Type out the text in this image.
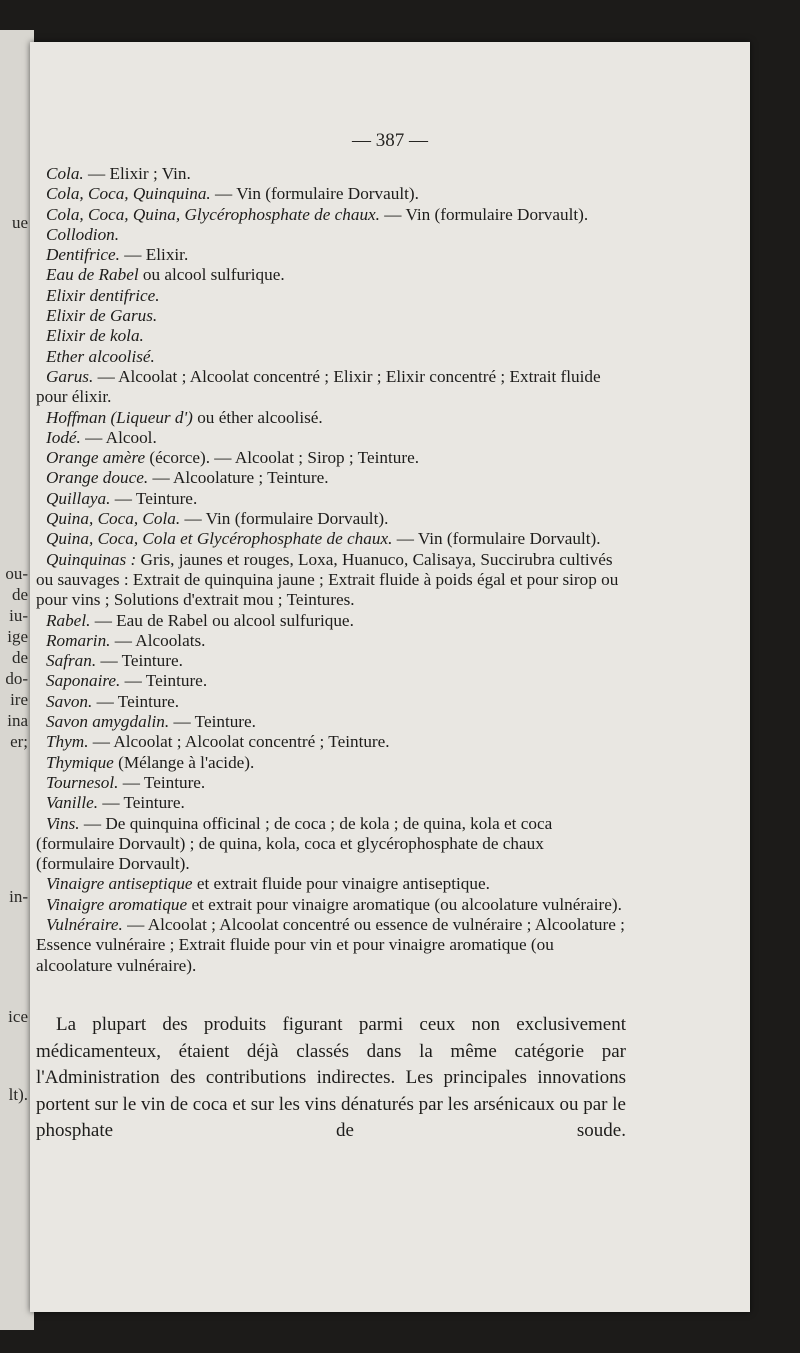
ue
ou-
de
iu-
ige
de
do-
ire
ina
er;
in-
ice
lt).
— 387 —

Cola. — Elixir ; Vin.

Cola, Coca, Quinquina. — Vin (formulaire Dorvault).

Cola, Coca, Quina, Glycérophosphate de chaux. — Vin (formulaire Dorvault).

Collodion.

Dentifrice. — Elixir.

Eau de Rabel ou alcool sulfurique.

Elixir dentifrice.

Elixir de Garus.

Elixir de kola.

Ether alcoolisé.

Garus. — Alcoolat ; Alcoolat concentré ; Elixir ; Elixir concentré ; Extrait fluide pour élixir.

Hoffman (Liqueur d') ou éther alcoolisé.

Iodé. — Alcool.

Orange amère (écorce). — Alcoolat ; Sirop ; Teinture.

Orange douce. — Alcoolature ; Teinture.

Quillaya. — Teinture.

Quina, Coca, Cola. — Vin (formulaire Dorvault).

Quina, Coca, Cola et Glycérophosphate de chaux. — Vin (formulaire Dorvault).

Quinquinas : Gris, jaunes et rouges, Loxa, Huanuco, Calisaya, Succirubra cultivés ou sauvages : Extrait de quinquina jaune ; Extrait fluide à poids égal et pour sirop ou pour vins ; Solutions d'extrait mou ; Teintures.

Rabel. — Eau de Rabel ou alcool sulfurique.

Romarin. — Alcoolats.

Safran. — Teinture.

Saponaire. — Teinture.

Savon. — Teinture.

Savon amygdalin. — Teinture.

Thym. — Alcoolat ; Alcoolat concentré ; Teinture.

Thymique (Mélange à l'acide).

Tournesol. — Teinture.

Vanille. — Teinture.

Vins. — De quinquina officinal ; de coca ; de kola ; de quina, kola et coca (formulaire Dorvault) ; de quina, kola, coca et glycérophosphate de chaux (formulaire Dorvault).

Vinaigre antiseptique et extrait fluide pour vinaigre antiseptique.

Vinaigre aromatique et extrait pour vinaigre aromatique (ou alcoolature vulnéraire).

Vulnéraire. — Alcoolat ; Alcoolat concentré ou essence de vulnéraire ; Alcoolature ; Essence vulnéraire ; Extrait fluide pour vin et pour vinaigre aromatique (ou alcoolature vulnéraire).

La plupart des produits figurant parmi ceux non exclusivement médicamenteux, étaient déjà classés dans la même catégorie par l'Administration des contributions indirectes. Les principales innovations portent sur le vin de coca et sur les vins dénaturés par les arsénicaux ou par le phosphate de soude.
